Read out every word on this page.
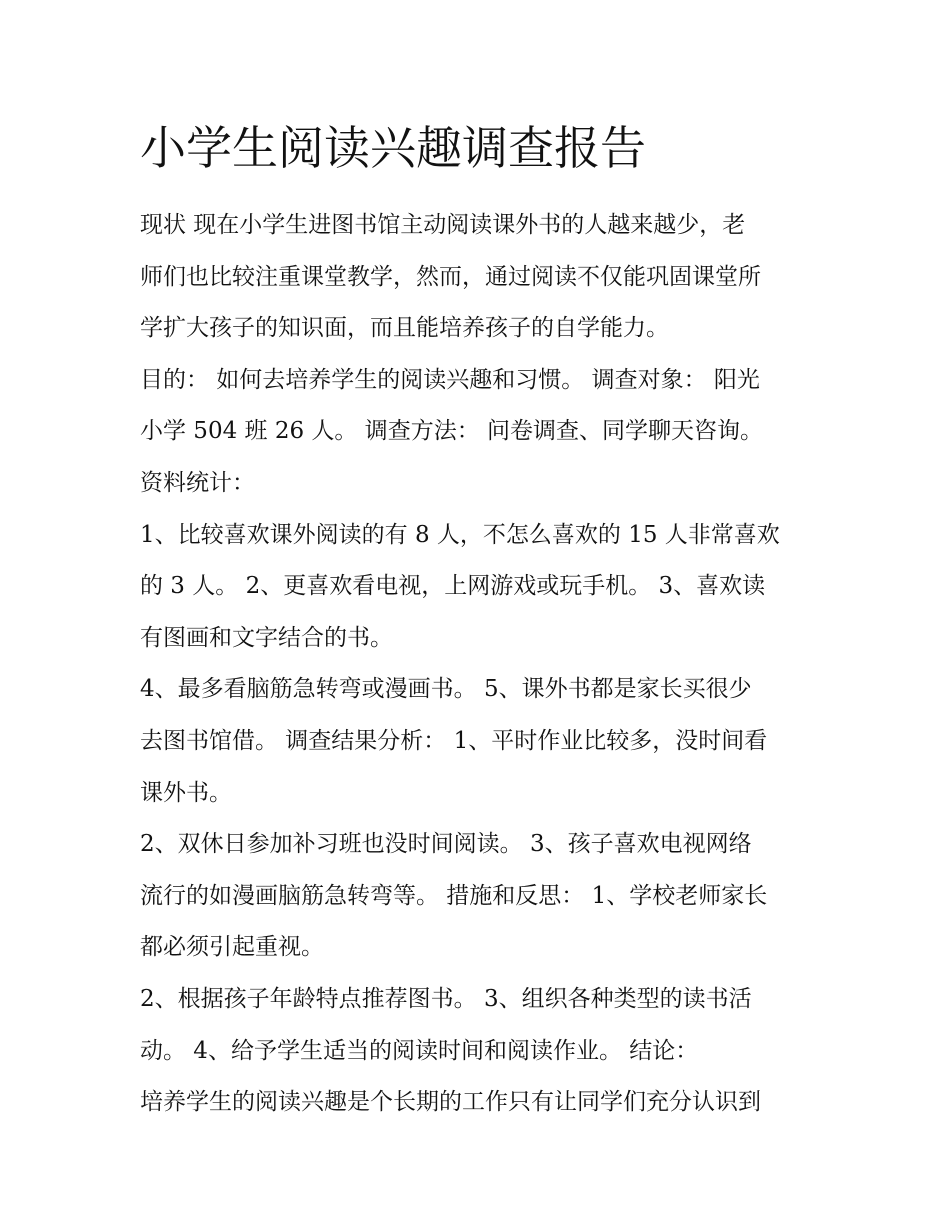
小学生阅读兴趣调查报告
现状 现在小学生进图书馆主动阅读课外书的人越来越少，老
师们也比较注重课堂教学，然而，通过阅读不仅能巩固课堂所
学扩大孩子的知识面，而且能培养孩子的自学能力。
目的： 如何去培养学生的阅读兴趣和习惯。 调查对象： 阳光
小学 504 班 26 人。 调查方法： 问卷调查、同学聊天咨询。
资料统计：
1、比较喜欢课外阅读的有 8 人，不怎么喜欢的 15 人非常喜欢
的 3 人。 2、更喜欢看电视，上网游戏或玩手机。 3、喜欢读
有图画和文字结合的书。
4、最多看脑筋急转弯或漫画书。 5、课外书都是家长买很少
去图书馆借。 调查结果分析： 1、平时作业比较多，没时间看
课外书。
2、双休日参加补习班也没时间阅读。 3、孩子喜欢电视网络
流行的如漫画脑筋急转弯等。 措施和反思： 1、学校老师家长
都必须引起重视。
2、根据孩子年龄特点推荐图书。 3、组织各种类型的读书活
动。 4、给予学生适当的阅读时间和阅读作业。 结论：
培养学生的阅读兴趣是个长期的工作只有让同学们充分认识到
